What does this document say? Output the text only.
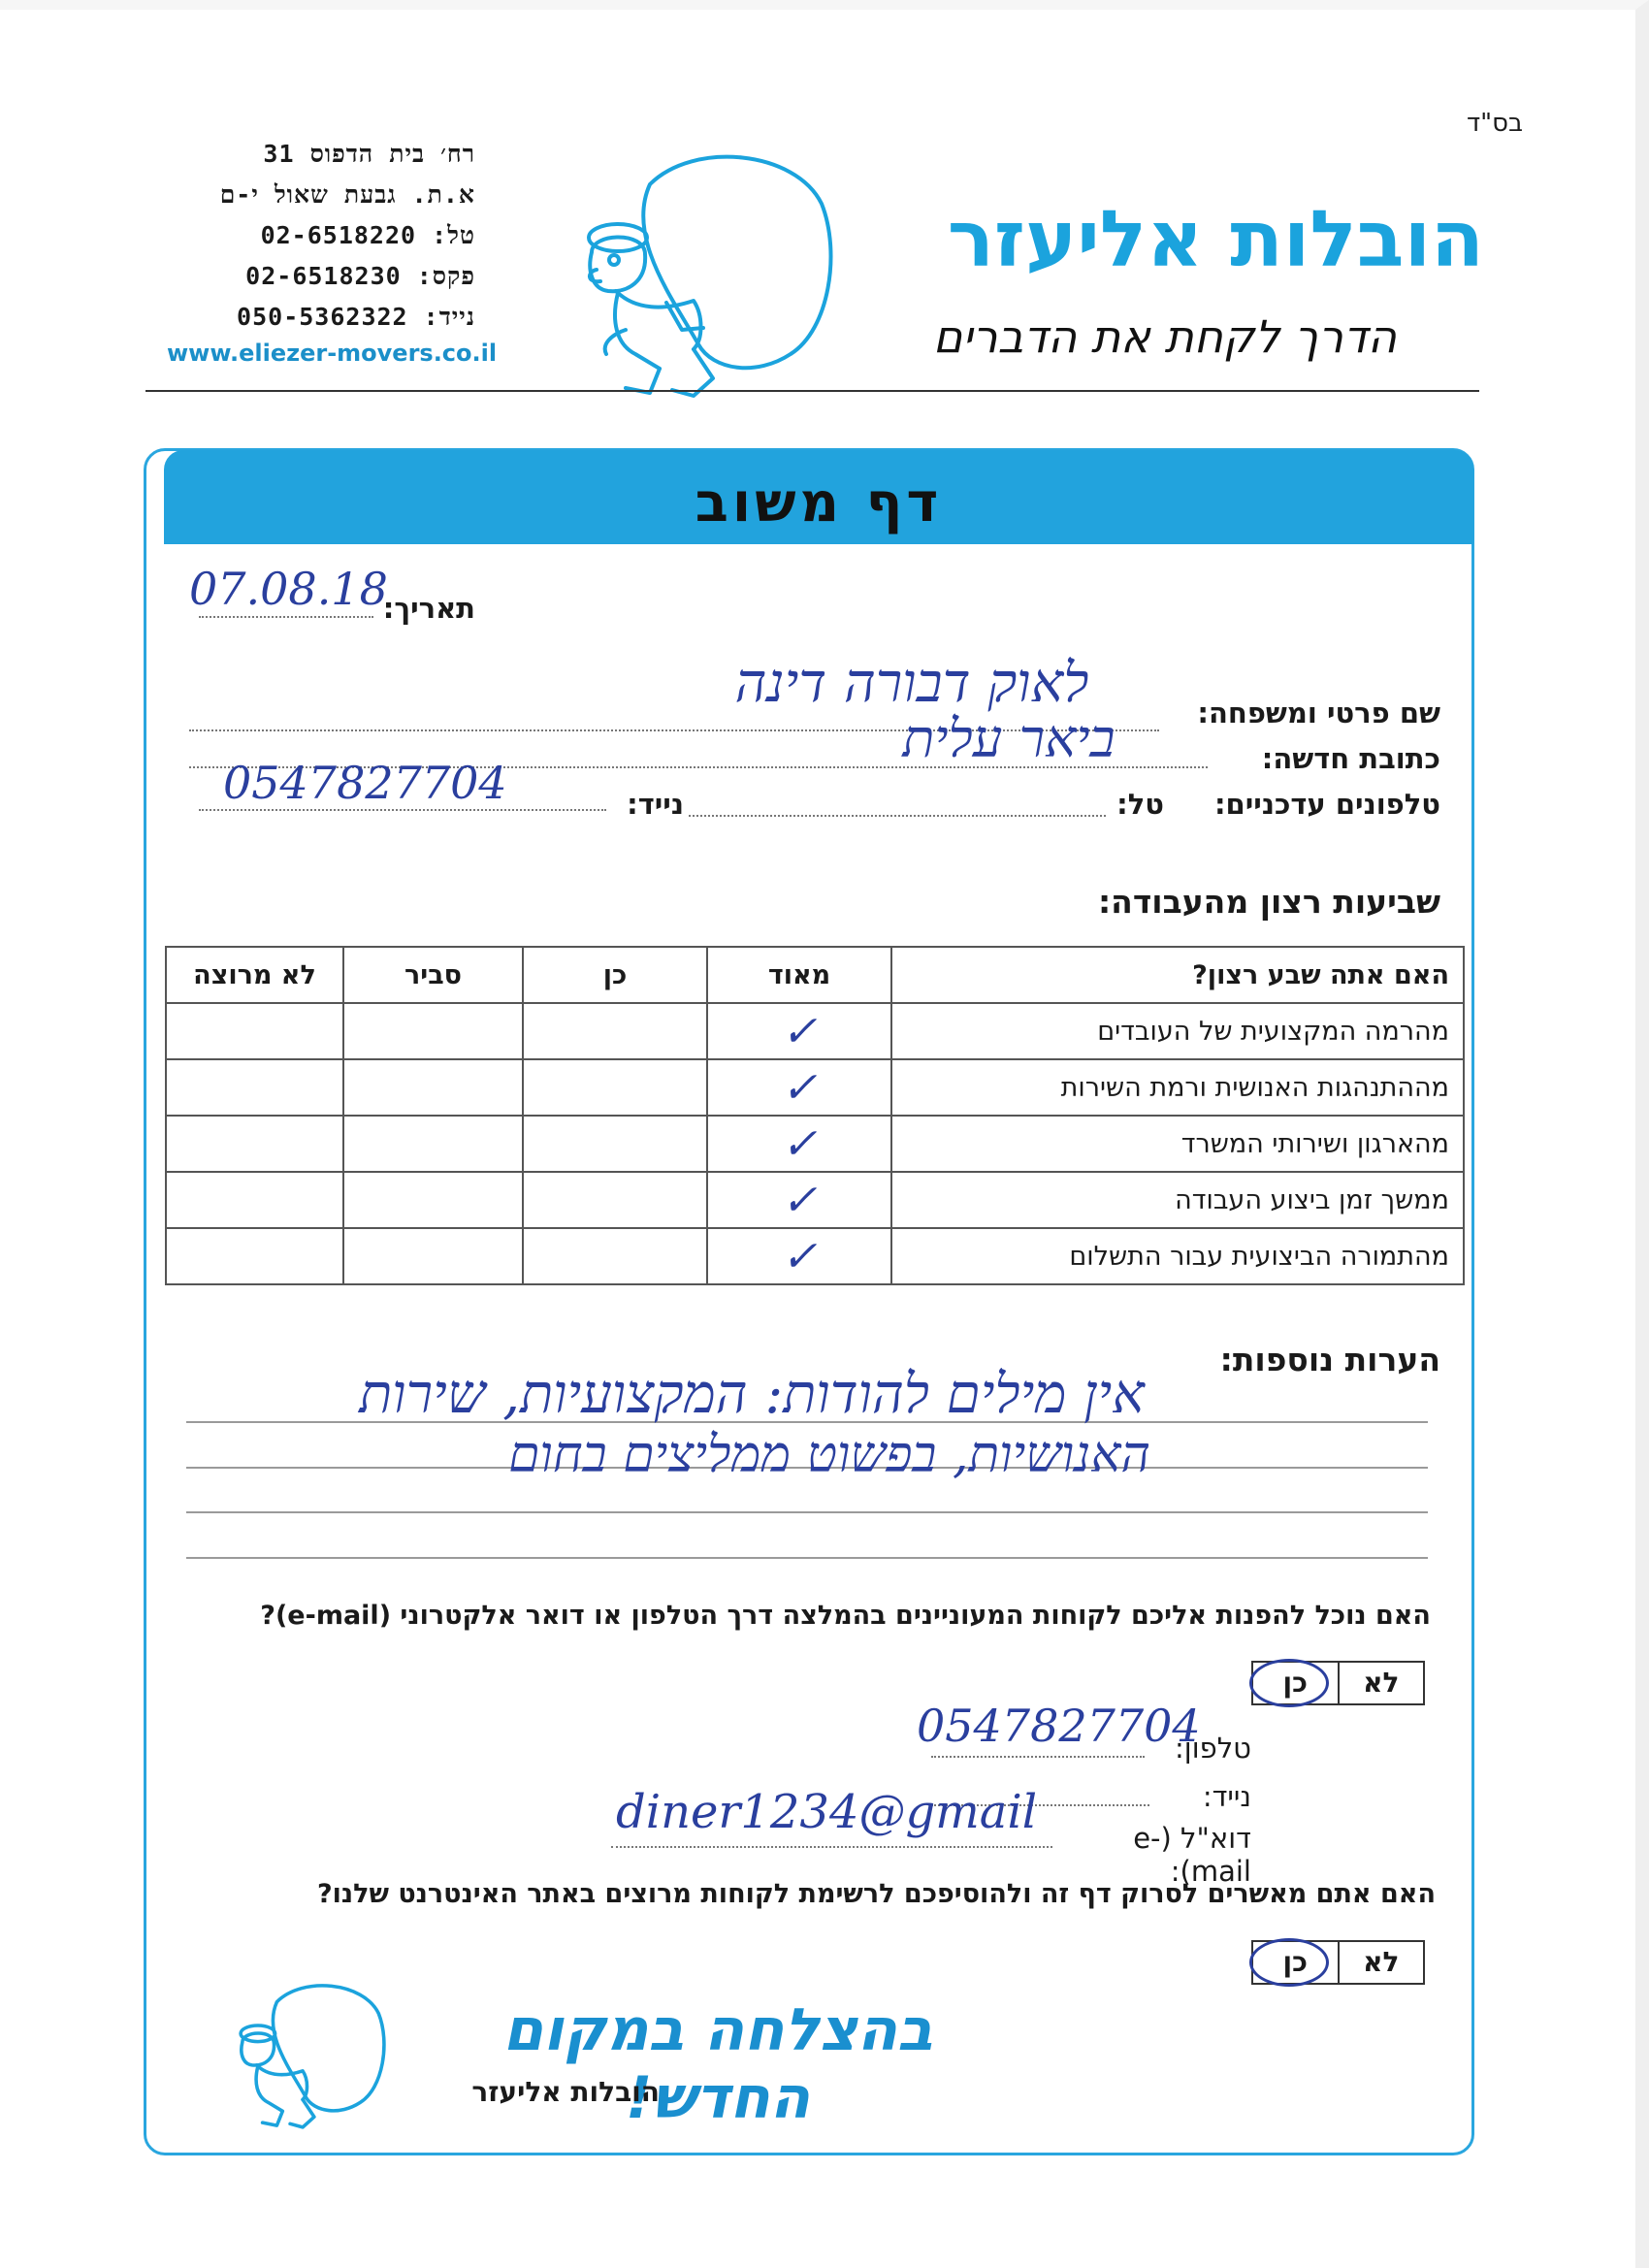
בס"ד
רח׳ בית הדפוס 31
א.ת. גבעת שאול י-ם
טל: 02-6518220
פקס: 02-6518230
נייד: 050-5362322
www.eliezer-movers.co.il
הובלות אליעזר
הדרך לקחת את הדברים
דף משוב
תאריך:
07.08.18
שם פרטי ומשפחה:
לאוק דבורה דינה
כתובת חדשה:
ביאר עלית
טלפונים עדכניים:
טל:
נייד:
0547827704
שביעות רצון מהעבודה:
האם אתה שבע רצון?	מאוד	כן	סביר	לא מרוצה
מהרמה המקצועית של העובדים	✓			
מההתנהגות האנושית ורמת השירות	✓			
מהארגון ושירותי המשרד	✓			
ממשך זמן ביצוע העבודה	✓			
מהתמורה הביצועית עבור התשלום	✓			
הערות נוספות:
אין מילים להודות: המקצועיות, שירות
האנושיות, בפשוט ממליצים בחום
האם נוכל להפנות אליכם לקוחות המעוניינים בהמלצה דרך הטלפון או דואר אלקטרוני (e-mail)?
לא
כן
טלפון:
0547827704
נייד:
דוא"ל (e-mail):
diner1234@gmail
האם אתם מאשרים לסרוק דף זה ולהוסיפכם לרשימת לקוחות מרוצים באתר האינטרנט שלנו?
לא
כן
בהצלחה במקום החדש!
הובלות אליעזר
